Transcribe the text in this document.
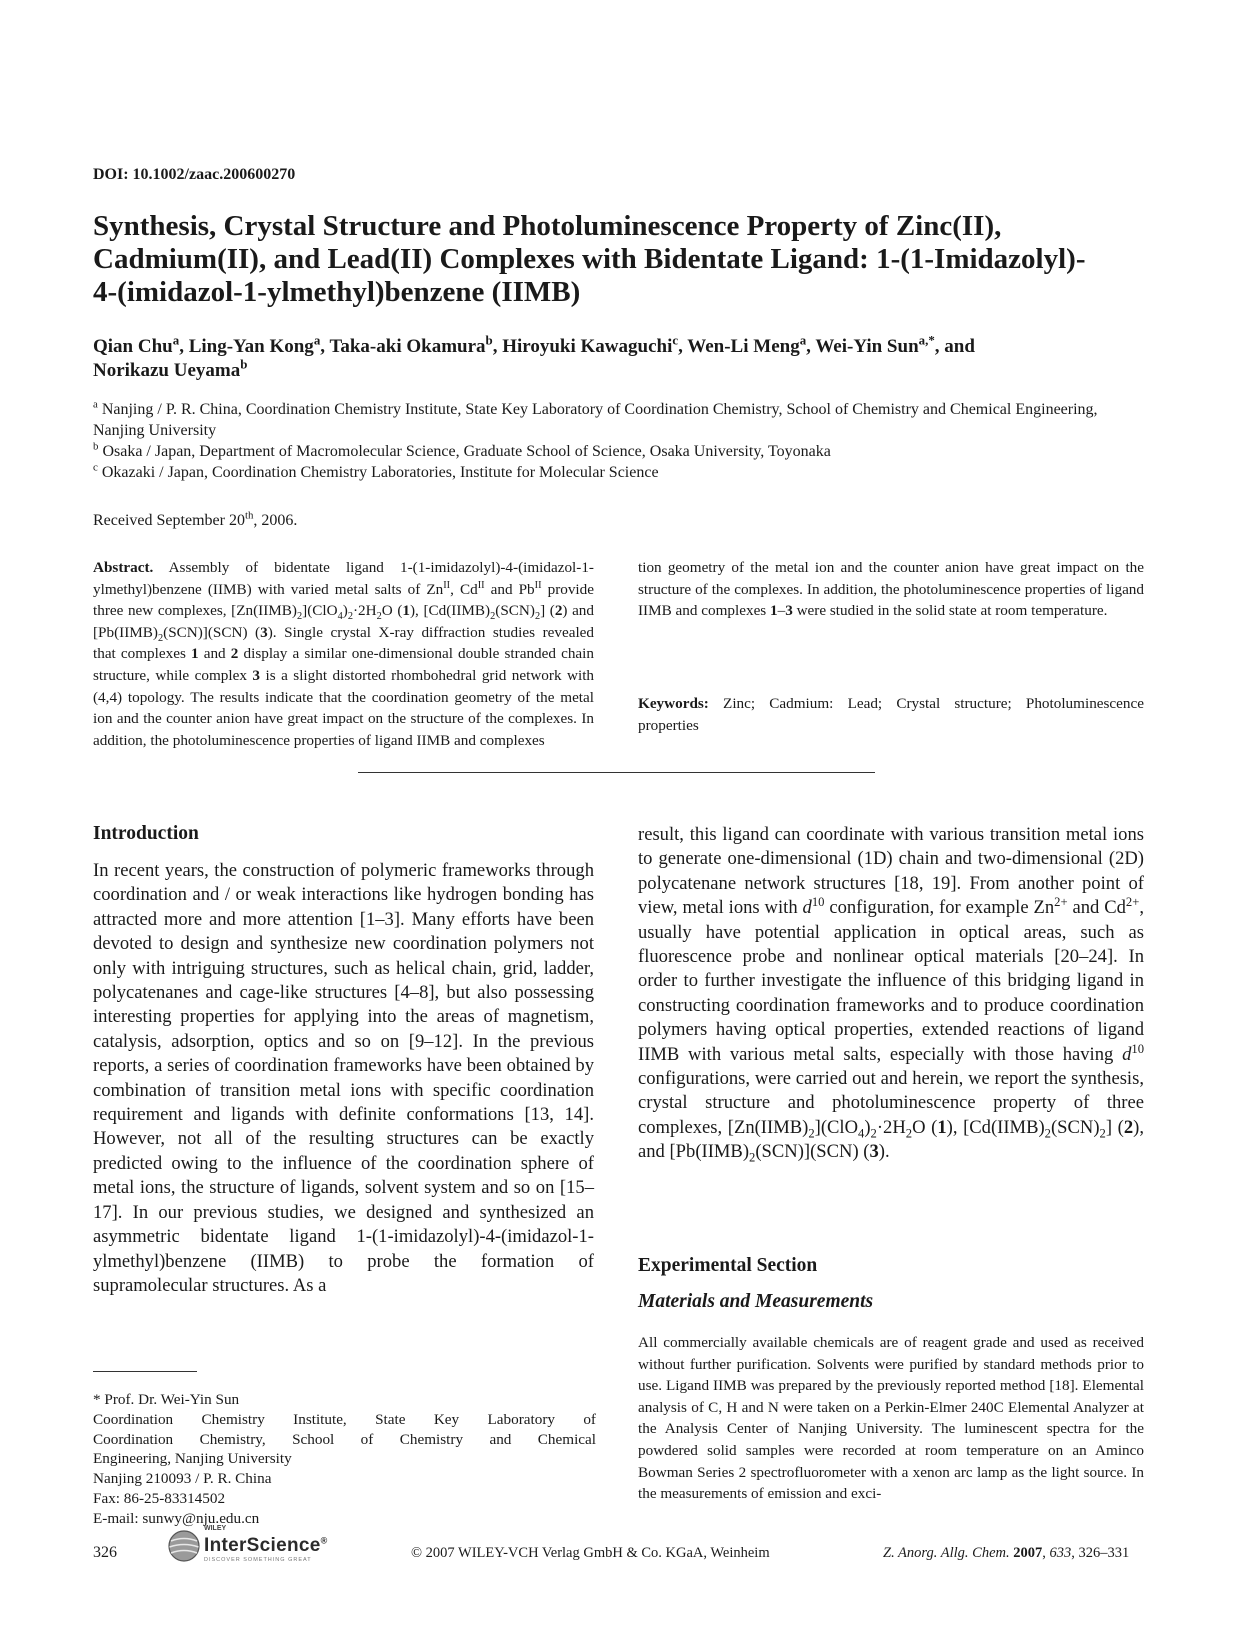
DOI: 10.1002/zaac.200600270
Synthesis, Crystal Structure and Photoluminescence Property of Zinc(II),
Cadmium(II), and Lead(II) Complexes with Bidentate Ligand: 1-(1-Imidazolyl)-
4-(imidazol-1-ylmethyl)benzene (IIMB)
Qian Chu$^a$, Ling-Yan Kong$^a$, Taka-aki Okamura$^b$, Hiroyuki Kawaguchi$^c$, Wen-Li Meng$^a$, Wei-Yin Sun$^{a,*}$, and
Norikazu Ueyama$^b$

$^a$ Nanjing / P. R. China, Coordination Chemistry Institute, State Key Laboratory of Coordination Chemistry, School of Chemistry and Chemical Engineering, Nanjing University

$^b$ Osaka / Japan, Department of Macromolecular Science, Graduate School of Science, Osaka University, Toyonaka

$^c$ Okazaki / Japan, Coordination Chemistry Laboratories, Institute for Molecular Science

Received September 20th, 2006.
Abstract. Assembly of bidentate ligand 1-(1-imidazolyl)-4-(imidazol-1-ylmethyl)benzene (IIMB) with varied metal salts of $Zn^{II}$, $Cd^{II}$ and $Pb^{II}$ provide three new complexes, $[Zn(IIMB)_2](ClO_4)_2\cdot 2H_2O$ (1), $[Cd(IIMB)_2(SCN)_2]$ (2) and $[Pb(IIMB)_2(SCN)](SCN)$ (3). Single crystal X-ray diffraction studies revealed that complexes 1 and 2 display a similar one-dimensional double stranded chain structure, while complex 3 is a slight distorted rhombohedral grid network with (4,4) topology. The results indicate that the coordination geometry of the metal ion and the counter anion have great impact on the structure of the complexes. In addition, the photoluminescence properties of ligand IIMB and complexes
tion geometry of the metal ion and the counter anion have great impact on the structure of the complexes. In addition, the photoluminescence properties of ligand IIMB and complexes 1–3 were studied in the solid state at room temperature.
Keywords: Zinc; Cadmium: Lead; Crystal structure; Photoluminescence properties
Introduction
In recent years, the construction of polymeric frameworks through coordination and / or weak interactions like hydrogen bonding has attracted more and more attention [1–3]. Many efforts have been devoted to design and synthesize new coordination polymers not only with intriguing structures, such as helical chain, grid, ladder, polycatenanes and cage-like structures [4–8], but also possessing interesting properties for applying into the areas of magnetism, catalysis, adsorption, optics and so on [9–12]. In the previous reports, a series of coordination frameworks have been obtained by combination of transition metal ions with specific coordination requirement and ligands with definite conformations [13, 14]. However, not all of the resulting structures can be exactly predicted owing to the influence of the coordination sphere of metal ions, the structure of ligands, solvent system and so on [15–17]. In our previous studies, we designed and synthesized an asymmetric bidentate ligand 1-(1-imidazolyl)-4-(imidazol-1-ylmethyl)benzene (IIMB) to probe the formation of supramolecular structures. As a
result, this ligand can coordinate with various transition metal ions to generate one-dimensional (1D) chain and two-dimensional (2D) polycatenane network structures [18, 19]. From another point of view, metal ions with $d^{10}$ configuration, for example $Zn^{2+}$ and $Cd^{2+}$, usually have potential application in optical areas, such as fluorescence probe and nonlinear optical materials [20–24]. In order to further investigate the influence of this bridging ligand in constructing coordination frameworks and to produce coordination polymers having optical properties, extended reactions of ligand IIMB with various metal salts, especially with those having $d^{10}$ configurations, were carried out and herein, we report the synthesis, crystal structure and photoluminescence property of three complexes, $[Zn(IIMB)_2](ClO_4)_2\cdot 2H_2O$ (1), $[Cd(IIMB)_2(SCN)_2]$ (2), and $[Pb(IIMB)_2(SCN)](SCN)$ (3).
Experimental Section
Materials and Measurements
All commercially available chemicals are of reagent grade and used as received without further purification. Solvents were purified by standard methods prior to use. Ligand IIMB was prepared by the previously reported method [18]. Elemental analysis of C, H and N were taken on a Perkin-Elmer 240C Elemental Analyzer at the Analysis Center of Nanjing University. The luminescent spectra for the powdered solid samples were recorded at room temperature on an Aminco Bowman Series 2 spectrofluorometer with a xenon arc lamp as the light source. In the measurements of emission and exci-
* Prof. Dr. Wei-Yin Sun
Coordination Chemistry Institute, State Key Laboratory of
Coordination Chemistry, School of Chemistry and Chemical
Engineering, Nanjing University
Nanjing 210093 / P. R. China
Fax: 86-25-83314502
E-mail: sunwy@nju.edu.cn
326
WILEY
InterScience®
DISCOVER SOMETHING GREAT	© 2007 WILEY-VCH Verlag GmbH & Co. KGaA, Weinheim	Z. Anorg. Allg. Chem. 2007, 633, 326–331
